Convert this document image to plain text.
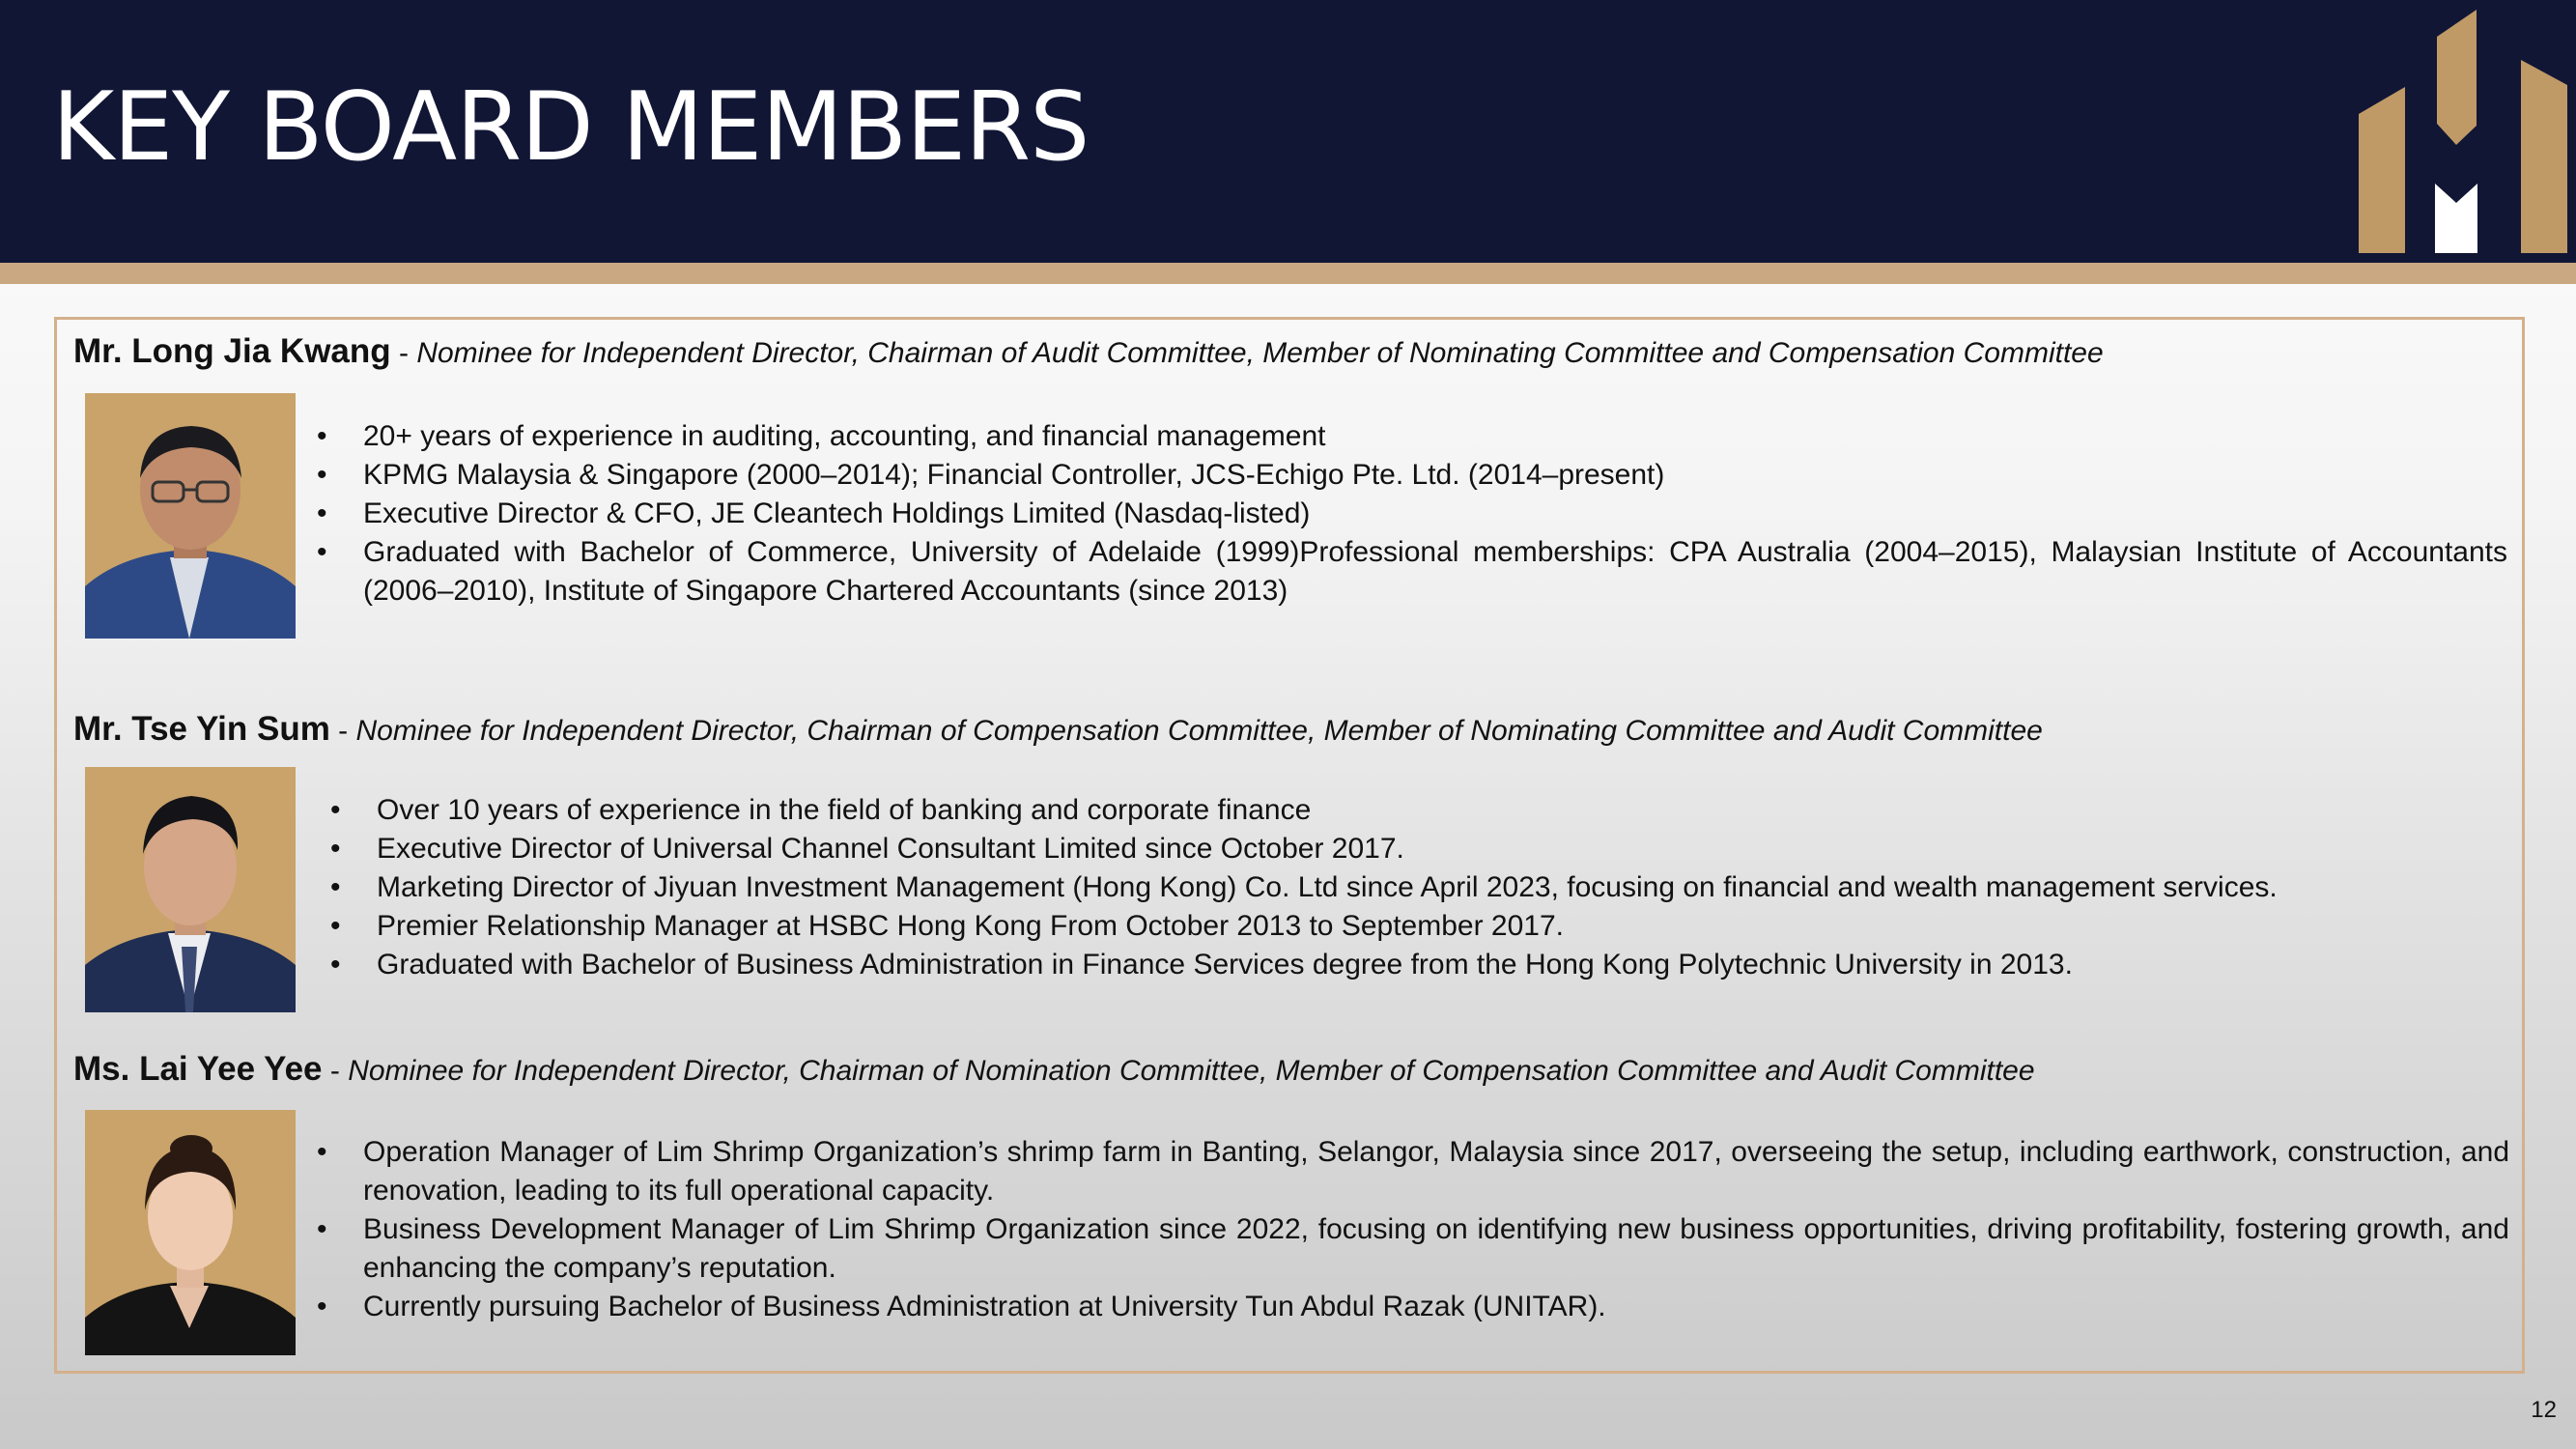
KEY BOARD MEMBERS

Mr. Long Jia Kwang - Nominee for Independent Director, Chairman of Audit Committee, Member of Nominating Committee and Compensation Committee

• 20+ years of experience in auditing, accounting, and financial management
• KPMG Malaysia & Singapore (2000–2014); Financial Controller, JCS-Echigo Pte. Ltd. (2014–present)
• Executive Director & CFO, JE Cleantech Holdings Limited (Nasdaq-listed)
• Graduated with Bachelor of Commerce, University of Adelaide (1999)Professional memberships: CPA Australia (2004–2015), Malaysian Institute of Accountants (2006–2010), Institute of Singapore Chartered Accountants (since 2013)

Mr. Tse Yin Sum - Nominee for Independent Director, Chairman of Compensation Committee, Member of Nominating Committee and Audit Committee

• Over 10 years of experience in the field of banking and corporate finance
• Executive Director of Universal Channel Consultant Limited since October 2017.
• Marketing Director of Jiyuan Investment Management (Hong Kong) Co. Ltd since April 2023, focusing on financial and wealth management services.
• Premier Relationship Manager at HSBC Hong Kong From October 2013 to September 2017.
• Graduated with Bachelor of Business Administration in Finance Services degree from the Hong Kong Polytechnic University in 2013.

Ms. Lai Yee Yee - Nominee for Independent Director, Chairman of Nomination Committee, Member of Compensation Committee and Audit Committee

• Operation Manager of Lim Shrimp Organization’s shrimp farm in Banting, Selangor, Malaysia since 2017, overseeing the setup, including earthwork, construction, and renovation, leading to its full operational capacity.
• Business Development Manager of Lim Shrimp Organization since 2022, focusing on identifying new business opportunities, driving profitability, fostering growth, and enhancing the company’s reputation.
• Currently pursuing Bachelor of Business Administration at University Tun Abdul Razak (UNITAR).
12
